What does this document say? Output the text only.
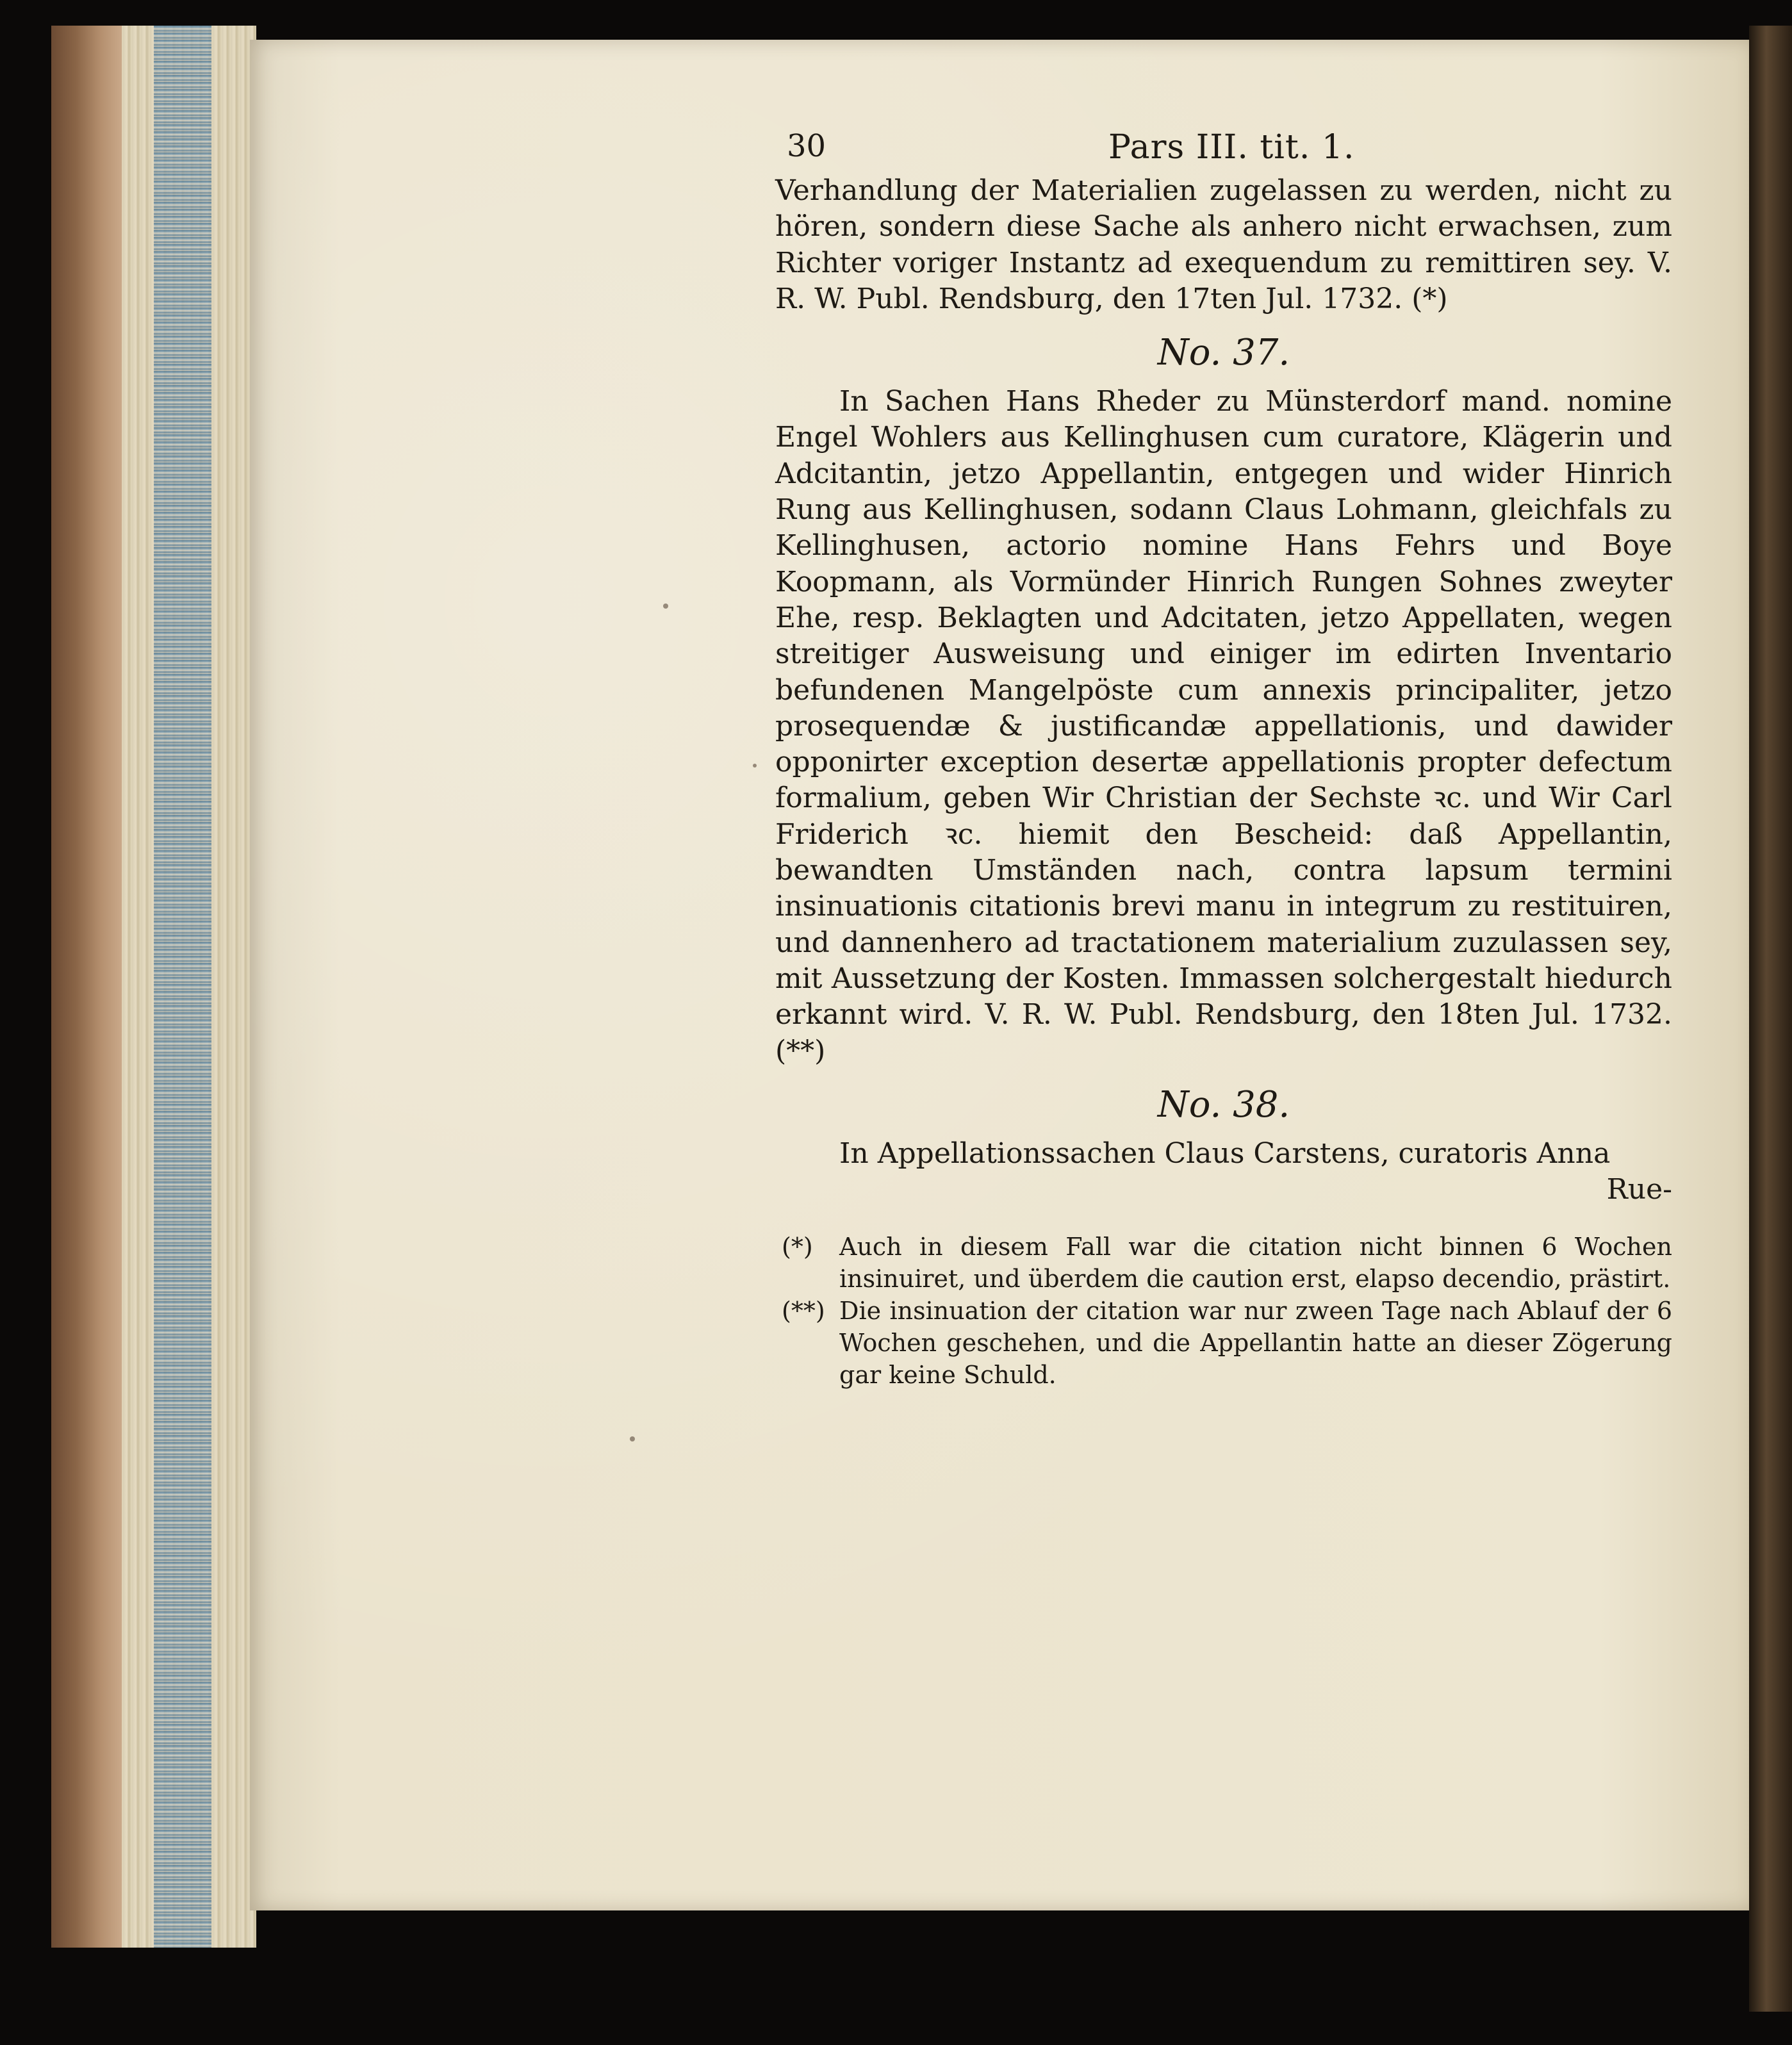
30	Pars III. tit. 1.

Verhandlung der Materialien zugelassen zu werden, nicht zu hören, sondern diese Sache als anhero nicht erwachsen, zum Richter voriger Instantz ad exequendum zu remittiren sey. V. R. W. Publ. Rendsburg, den 17ten Jul. 1732. (*)

No. 37.

In Sachen Hans Rheder zu Münsterdorf mand. nomine Engel Wohlers aus Kellinghusen cum curatore, Klägerin und Adcitantin, jetzo Appellantin, entgegen und wider Hinrich Rung aus Kellinghusen, sodann Claus Lohmann, gleichfals zu Kellinghusen, actorio nomine Hans Fehrs und Boye Koopmann, als Vormünder Hinrich Rungen Sohnes zweyter Ehe, resp. Beklagten und Adcitaten, jetzo Appellaten, wegen streitiger Ausweisung und einiger im edirten Inventario befundenen Mangelpöste cum annexis principaliter, jetzo prosequendæ & justificandæ appellationis, und dawider opponirter exception desertæ appellationis propter defectum formalium, geben Wir Christian der Sechste ꝛc. und Wir Carl Friderich ꝛc. hiemit den Bescheid: daß Appellantin, bewandten Umständen nach, contra lapsum termini insinuationis citationis brevi manu in integrum zu restituiren, und dannenhero ad tractationem materialium zuzulassen sey, mit Aussetzung der Kosten. Immassen solchergestalt hiedurch erkannt wird. V. R. W. Publ. Rendsburg, den 18ten Jul. 1732. (**)

No. 38.

In Appellationssachen Claus Carstens, curatoris Anna

Rue-

(*)	Auch in diesem Fall war die citation nicht binnen 6 Wochen insinuiret, und überdem die caution erst, elapso decendio, prästirt.
(**) Die insinuation der citation war nur zween Tage nach Ablauf der 6 Wochen geschehen, und die Appellantin hatte an dieser Zögerung gar keine Schuld.
